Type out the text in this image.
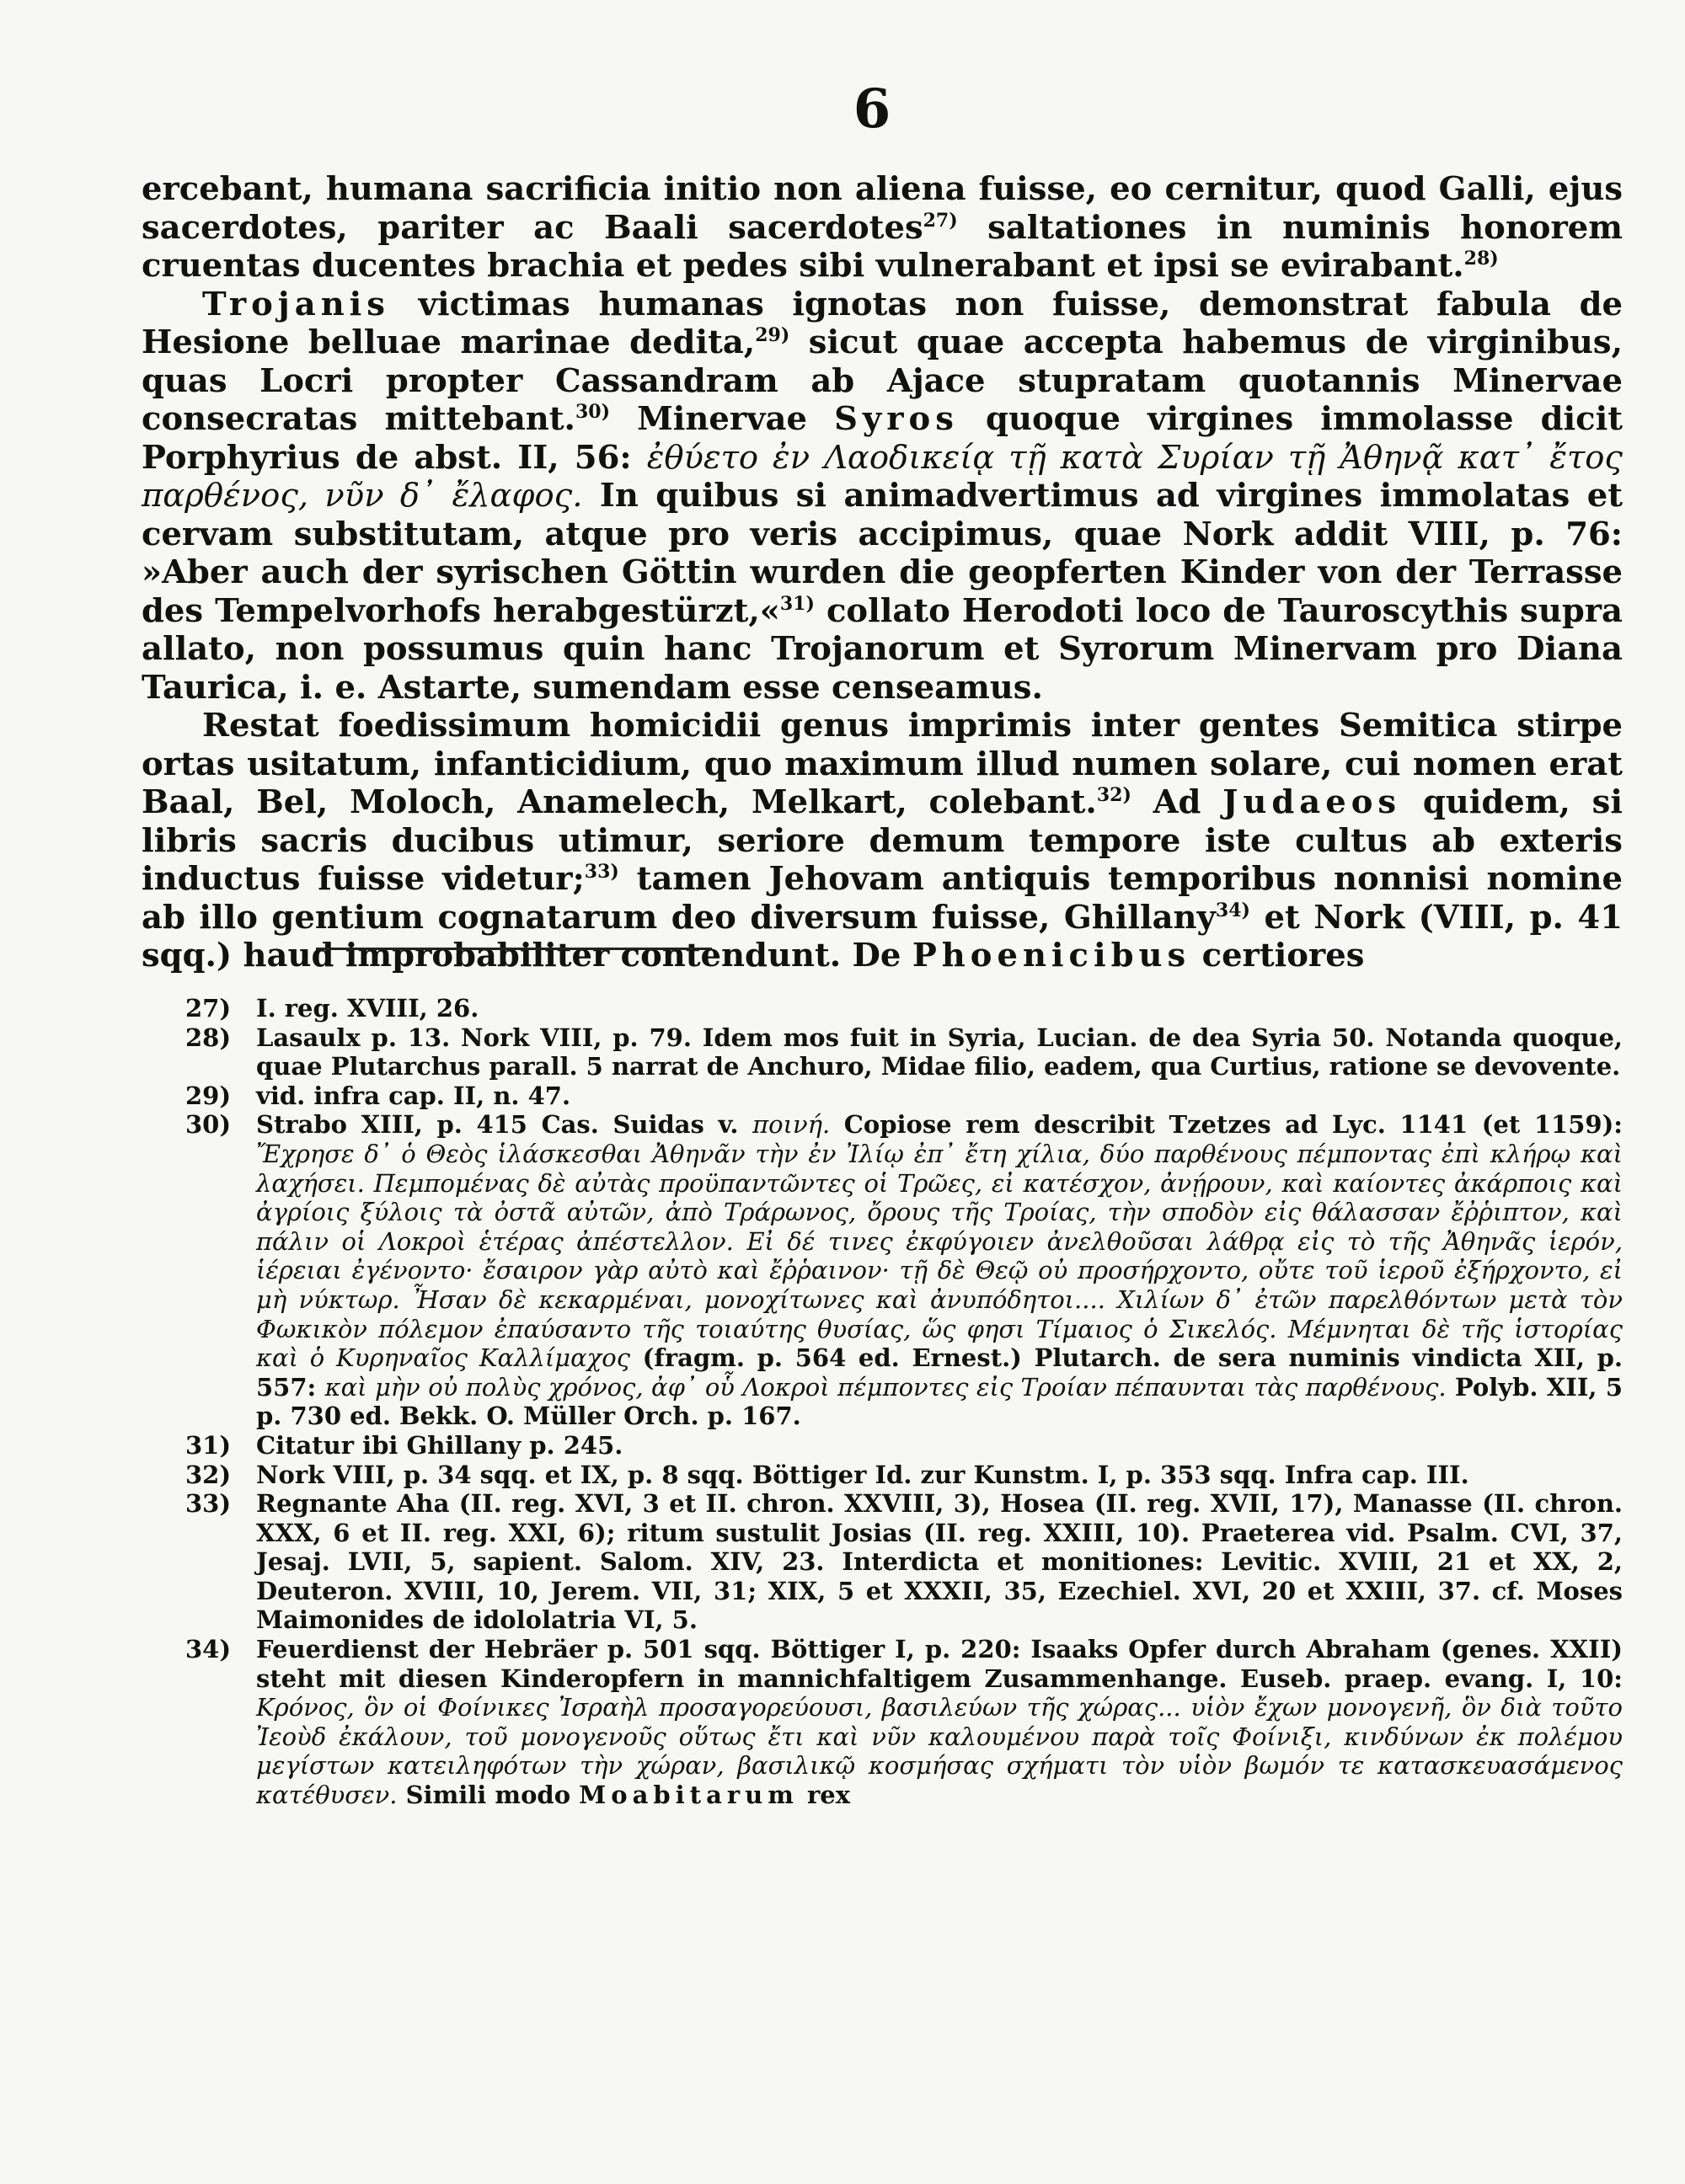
6

ercebant, humana sacrificia initio non aliena fuisse, eo cernitur, quod Galli, ejus sacerdotes, pariter ac Baali sacerdotes$^{27)}$ saltationes in numinis honorem cruentas ducentes brachia et pedes sibi vulnerabant et ipsi se evirabant.$^{28)}$

Trojanis victimas humanas ignotas non fuisse, demonstrat fabula de Hesione belluae marinae dedita,$^{29)}$ sicut quae accepta habemus de virginibus, quas Locri propter Cassandram ab Ajace stupratam quotannis Minervae consecratas mittebant.$^{30)}$ Minervae Syros quoque virgines immolasse dicit Porphyrius de abst. II, 56: ἐθύετο ἐν Λαοδικείᾳ τῇ κατὰ Συρίαν τῇ Ἀθηνᾷ κατ᾽ ἔτος παρθένος, νῦν δ᾽ ἔλαφος. In quibus si animadvertimus ad virgines immolatas et cervam substitutam, atque pro veris accipimus, quae Nork addit VIII, p. 76: »Aber auch der syrischen Göttin wurden die geopferten Kinder von der Terrasse des Tempelvorhofs herabgestürzt,«$^{31)}$ collato Herodoti loco de Tauroscythis supra allato, non possumus quin hanc Trojanorum et Syrorum Minervam pro Diana Taurica, i. e. Astarte, sumendam esse censeamus.

Restat foedissimum homicidii genus imprimis inter gentes Semitica stirpe ortas usitatum, infanticidium, quo maximum illud numen solare, cui nomen erat Baal, Bel, Moloch, Anamelech, Melkart, colebant.$^{32)}$ Ad Judaeos quidem, si libris sacris ducibus utimur, seriore demum tempore iste cultus ab exteris inductus fuisse videtur;$^{33)}$ tamen Jehovam antiquis temporibus nonnisi nomine ab illo gentium cognatarum deo diversum fuisse, Ghillany$^{34)}$ et Nork (VIII, p. 41 sqq.) haud improbabiliter contendunt. De Phoenicibus certiores

27) I. reg. XVIII, 26.

28) Lasaulx p. 13. Nork VIII, p. 79. Idem mos fuit in Syria, Lucian. de dea Syria 50. Notanda quoque, quae Plutarchus parall. 5 narrat de Anchuro, Midae filio, eadem, qua Curtius, ratione se devovente.

29) vid. infra cap. II, n. 47.

30) Strabo XIII, p. 415 Cas. Suidas v. ποινή. Copiose rem describit Tzetzes ad Lyc. 1141 (et 1159): Ἔχρησε δ᾽ ὁ Θεὸς ἱλάσκεσθαι Ἀθηνᾶν τὴν ἐν Ἰλίῳ ἐπ᾽ ἔτη χίλια, δύο παρθένους πέμποντας ἐπὶ κλήρῳ καὶ λαχήσει. Πεμπομένας δὲ αὐτὰς προϋπαντῶντες οἱ Τρῶες, εἰ κατέσχον, ἀνῄρουν, καὶ καίοντες ἀκάρποις καὶ ἀγρίοις ξύλοις τὰ ὀστᾶ αὐτῶν, ἀπὸ Τράρωνος, ὄρους τῆς Τροίας, τὴν σποδὸν εἰς θάλασσαν ἔῤῥιπτον, καὶ πάλιν οἱ Λοκροὶ ἑτέρας ἀπέστελλον. Εἰ δέ τινες ἐκφύγοιεν ἀνελθοῦσαι λάθρᾳ εἰς τὸ τῆς Ἀθηνᾶς ἱερόν, ἱέρειαι ἐγένοντο· ἔσαιρον γὰρ αὐτὸ καὶ ἔῤῥαινον· τῇ δὲ Θεῷ οὐ προσήρχοντο, οὔτε τοῦ ἱεροῦ ἐξήρχοντο, εἰ μὴ νύκτωρ. Ἦσαν δὲ κεκαρμέναι, μονοχίτωνες καὶ ἀνυπόδητοι.... Χιλίων δ᾽ ἐτῶν παρελθόντων μετὰ τὸν Φωκικὸν πόλεμον ἐπαύσαντο τῆς τοιαύτης θυσίας, ὥς φησι Τίμαιος ὁ Σικελός. Μέμνηται δὲ τῆς ἱστορίας καὶ ὁ Κυρηναῖος Καλλίμαχος (fragm. p. 564 ed. Ernest.) Plutarch. de sera numinis vindicta XII, p. 557: καὶ μὴν οὐ πολὺς χρόνος, ἀφ᾽ οὗ Λοκροὶ πέμποντες εἰς Τροίαν πέπαυνται τὰς παρθένους. Polyb. XII, 5 p. 730 ed. Bekk. O. Müller Orch. p. 167.

31) Citatur ibi Ghillany p. 245.

32) Nork VIII, p. 34 sqq. et IX, p. 8 sqq. Böttiger Id. zur Kunstm. I, p. 353 sqq. Infra cap. III.

33) Regnante Aha (II. reg. XVI, 3 et II. chron. XXVIII, 3), Hosea (II. reg. XVII, 17), Manasse (II. chron. XXX, 6 et II. reg. XXI, 6); ritum sustulit Josias (II. reg. XXIII, 10). Praeterea vid. Psalm. CVI, 37, Jesaj. LVII, 5, sapient. Salom. XIV, 23. Interdicta et monitiones: Levitic. XVIII, 21 et XX, 2, Deuteron. XVIII, 10, Jerem. VII, 31; XIX, 5 et XXXII, 35, Ezechiel. XVI, 20 et XXIII, 37. cf. Moses Maimonides de idololatria VI, 5.

34) Feuerdienst der Hebräer p. 501 sqq. Böttiger I, p. 220: Isaaks Opfer durch Abraham (genes. XXII) steht mit diesen Kinderopfern in mannichfaltigem Zusammenhange. Euseb. praep. evang. I, 10: Κρόνος, ὃν οἱ Φοίνικες Ἰσραὴλ προσαγορεύουσι, βασιλεύων τῆς χώρας... υἱὸν ἔχων μονογενῆ, ὃν διὰ τοῦτο Ἰεοὺδ ἐκάλουν, τοῦ μονογενοῦς οὕτως ἔτι καὶ νῦν καλουμένου παρὰ τοῖς Φοίνιξι, κινδύνων ἐκ πολέμου μεγίστων κατειληφότων τὴν χώραν, βασιλικῷ κοσμήσας σχήματι τὸν υἱὸν βωμόν τε κατασκευασάμενος κατέθυσεν. Simili modo Moabitarum rex
